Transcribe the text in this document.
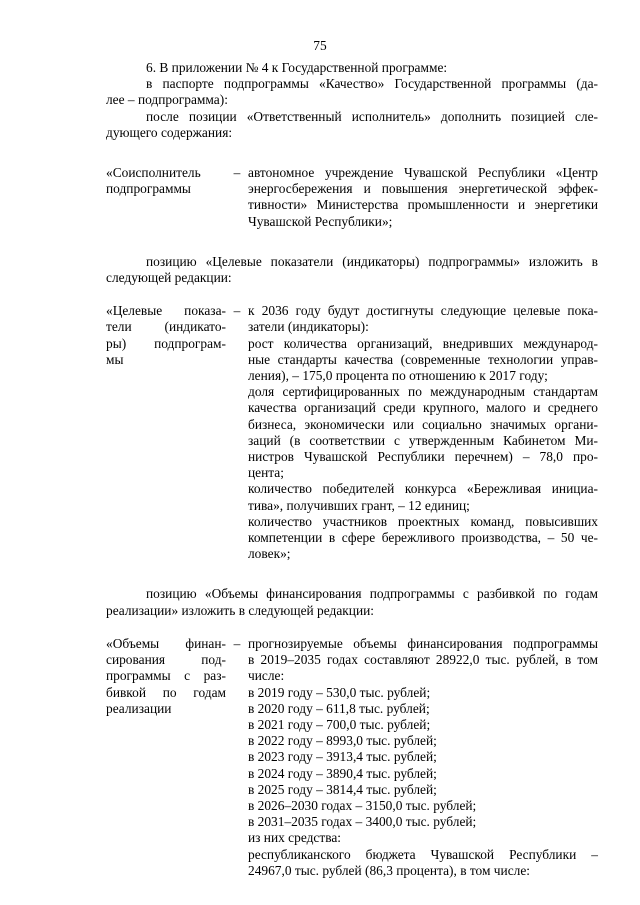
75

6. В приложении № 4 к Государственной программе:

в паспорте подпрограммы «Качество» Государственной программы (да-
лее – подпрограмма):

после позиции «Ответственный исполнитель» дополнить позицией сле-
дующего содержания:

«Соисполнитель
подпрограммы
– автономное учреждение Чувашской Республики «Центр
энергосбережения и повышения энергетической эффек-
тивности» Министерства промышленности и энергетики
Чувашской Республики»;

позицию «Целевые показатели (индикаторы) подпрограммы» изложить в
следующей редакции:

«Целевые показа-
тели (индикато-
ры) подпрограм-
мы
– к 2036 году будут достигнуты следующие целевые пока-
затели (индикаторы):
рост количества организаций, внедривших международ-
ные стандарты качества (современные технологии управ-
ления), – 175,0 процента по отношению к 2017 году;
доля сертифицированных по международным стандартам
качества организаций среди крупного, малого и среднего
бизнеса, экономически или социально значимых органи-
заций (в соответствии с утвержденным Кабинетом Ми-
нистров Чувашской Республики перечнем) – 78,0 про-
цента;
количество победителей конкурса «Бережливая инициа-
тива», получивших грант, – 12 единиц;
количество участников проектных команд, повысивших
компетенции в сфере бережливого производства, – 50 че-
ловек»;

позицию «Объемы финансирования подпрограммы с разбивкой по годам
реализации» изложить в следующей редакции:

«Объемы финан-
сирования под-
программы с раз-
бивкой по годам
реализации
– прогнозируемые объемы финансирования подпрограммы
в 2019–2035 годах составляют 28922,0 тыс. рублей, в том
числе:
в 2019 году – 530,0 тыс. рублей;
в 2020 году – 611,8 тыс. рублей;
в 2021 году – 700,0 тыс. рублей;
в 2022 году – 8993,0 тыс. рублей;
в 2023 году – 3913,4 тыс. рублей;
в 2024 году – 3890,4 тыс. рублей;
в 2025 году – 3814,4 тыс. рублей;
в 2026–2030 годах – 3150,0 тыс. рублей;
в 2031–2035 годах – 3400,0 тыс. рублей;
из них средства:
республиканского бюджета Чувашской Республики –
24967,0 тыс. рублей (86,3 процента), в том числе:
